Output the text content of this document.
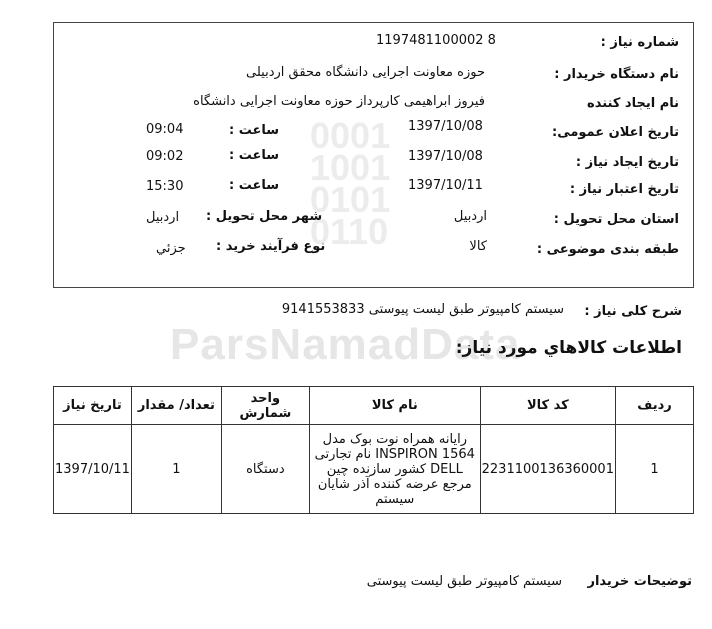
0001
1001
0101
0110
ParsNamadData
شماره نیاز :
1197481100002 8
نام دستگاه خریدار :
حوزه معاونت اجرایی دانشگاه محقق اردبیلی
نام ایجاد کننده
فیروز ابراهیمی کارپرداز حوزه معاونت اجرایی دانشگاه
تاریخ اعلان عمومی:
1397/10/08
ساعت :
09:04
تاریخ ایجاد نیاز :
1397/10/08
ساعت :
09:02
تاریخ اعتبار نیاز :
1397/10/11
ساعت :
15:30
استان محل تحویل :
اردبیل
شهر محل تحویل :
اردبیل
طبقه بندی موضوعی :
کالا
نوع فرآیند خرید :
جزئي
شرح کلی نیاز :
سیستم کامپیوتر طبق لیست پیوستی 9141553833
اطلاعات کالاهاي مورد نیاز:
ردیف	کد کالا	نام کالا	واحد شمارش	تعداد/ مقدار	تاریخ نیاز
1	2231100136360001	رایانه همراه نوت بوک مدل INSPIRON 1564 نام تجارتی DELL کشور سازنده چین مرجع عرضه کننده آذر شایان سیستم	دستگاه	1	1397/10/11
توضیحات خریدار
سیستم کامپیوتر طبق لیست پیوستی
